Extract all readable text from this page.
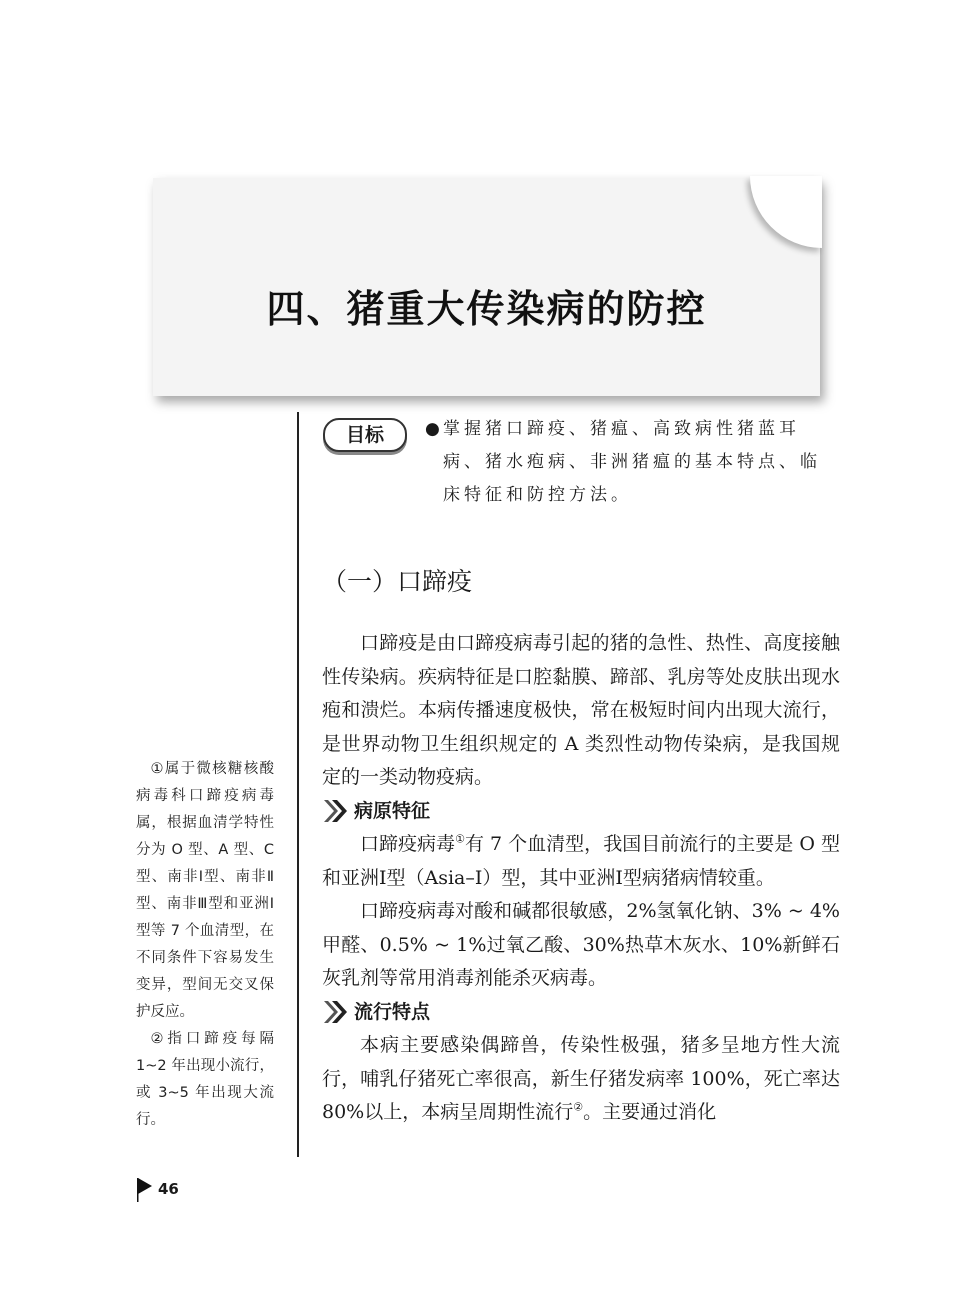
四、猪重大传染病的防控
目标	● 掌握猪口蹄疫、猪瘟、高致病性猪蓝耳病、猪水疱病、非洲猪瘟的基本特点、临床特征和防控方法。
（一）口蹄疫

口蹄疫是由口蹄疫病毒引起的猪的急性、热性、高度接触性传染病。疾病特征是口腔黏膜、蹄部、乳房等处皮肤出现水疱和溃烂。本病传播速度极快，常在极短时间内出现大流行，是世界动物卫生组织规定的 A 类烈性动物传染病，是我国规定的一类动物疫病。

病原特征

口蹄疫病毒①有 7 个血清型，我国目前流行的主要是 O 型和亚洲Ⅰ型（Asia–I）型，其中亚洲Ⅰ型病猪病情较重。

口蹄疫病毒对酸和碱都很敏感，2%氢氧化钠、3% ~ 4%甲醛、0.5% ~ 1%过氧乙酸、30%热草木灰水、10%新鲜石灰乳剂等常用消毒剂能杀灭病毒。

流行特点

本病主要感染偶蹄兽，传染性极强，猪多呈地方性大流行，哺乳仔猪死亡率很高，新生仔猪发病率 100%，死亡率达 80%以上，本病呈周期性流行②。主要通过消化

①属于微核糖核酸病毒科口蹄疫病毒属，根据血清学特性分为 O 型、A 型、C 型、南非Ⅰ型、南非Ⅱ型、南非Ⅲ型和亚洲Ⅰ型等 7 个血清型，在不同条件下容易发生变异，型间无交叉保护反应。

②指口蹄疫每隔 1~2 年出现小流行，或 3~5 年出现大流行。

46
